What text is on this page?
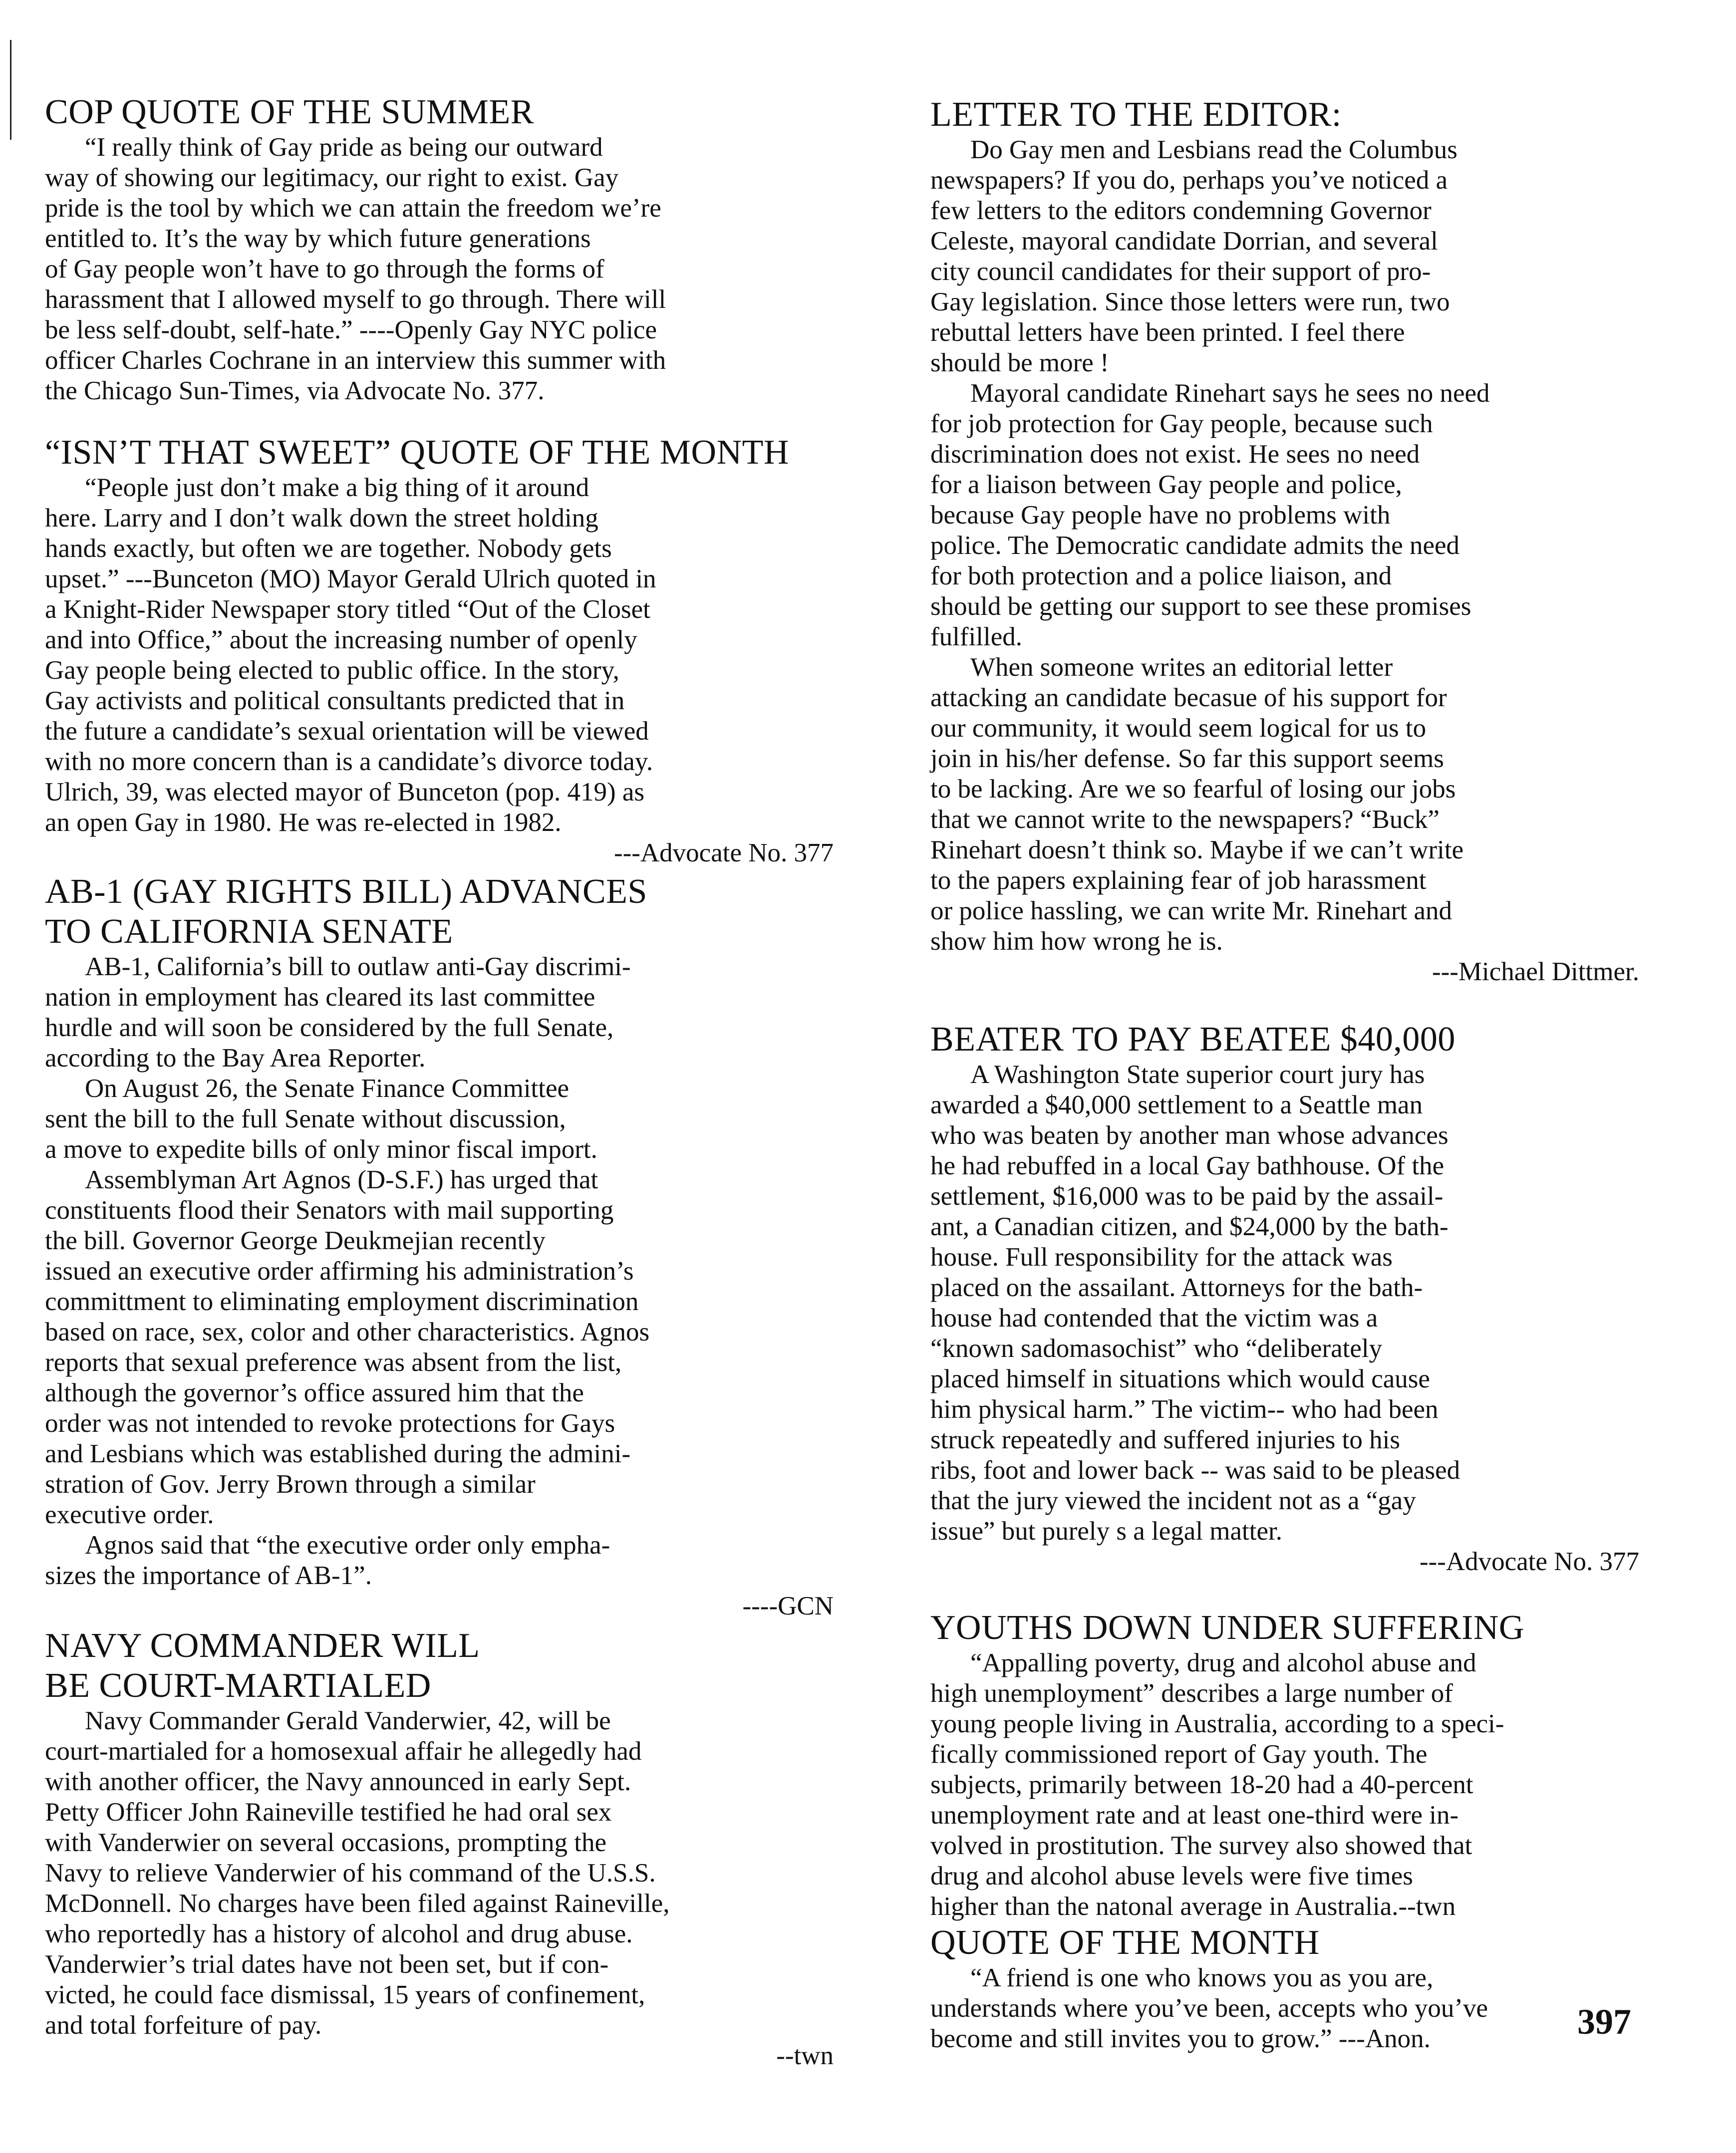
COP QUOTE OF THE SUMMER
“I really think of Gay pride as being our outward
way of showing our legitimacy, our right to exist. Gay
pride is the tool by which we can attain the freedom we’re
entitled to. It’s the way by which future generations
of Gay people won’t have to go through the forms of
harassment that I allowed myself to go through. There will
be less self-doubt, self-hate.” ----Openly Gay NYC police
officer Charles Cochrane in an interview this summer with
the Chicago Sun-Times, via Advocate No. 377.
“ISN’T THAT SWEET” QUOTE OF THE MONTH
“People just don’t make a big thing of it around
here. Larry and I don’t walk down the street holding
hands exactly, but often we are together. Nobody gets
upset.” ---Bunceton (MO) Mayor Gerald Ulrich quoted in
a Knight-Rider Newspaper story titled “Out of the Closet
and into Office,” about the increasing number of openly
Gay people being elected to public office. In the story,
Gay activists and political consultants predicted that in
the future a candidate’s sexual orientation will be viewed
with no more concern than is a candidate’s divorce today.
Ulrich, 39, was elected mayor of Bunceton (pop. 419) as
an open Gay in 1980. He was re-elected in 1982.
---Advocate No. 377
AB-1 (GAY RIGHTS BILL) ADVANCES
TO CALIFORNIA SENATE
AB-1, California’s bill to outlaw anti-Gay discrimi-
nation in employment has cleared its last committee
hurdle and will soon be considered by the full Senate,
according to the Bay Area Reporter.
On August 26, the Senate Finance Committee
sent the bill to the full Senate without discussion,
a move to expedite bills of only minor fiscal import.
Assemblyman Art Agnos (D-S.F.) has urged that
constituents flood their Senators with mail supporting
the bill. Governor George Deukmejian recently
issued an executive order affirming his administration’s
committment to eliminating employment discrimination
based on race, sex, color and other characteristics. Agnos
reports that sexual preference was absent from the list,
although the governor’s office assured him that the
order was not intended to revoke protections for Gays
and Lesbians which was established during the admini-
stration of Gov. Jerry Brown through a similar
executive order.
Agnos said that “the executive order only empha-
sizes the importance of AB-1”.
----GCN
NAVY COMMANDER WILL
BE COURT-MARTIALED
Navy Commander Gerald Vanderwier, 42, will be
court-martialed for a homosexual affair he allegedly had
with another officer, the Navy announced in early Sept.
Petty Officer John Raineville testified he had oral sex
with Vanderwier on several occasions, prompting the
Navy to relieve Vanderwier of his command of the U.S.S.
McDonnell. No charges have been filed against Raineville,
who reportedly has a history of alcohol and drug abuse.
Vanderwier’s trial dates have not been set, but if con-
victed, he could face dismissal, 15 years of confinement,
and total forfeiture of pay.
--twn
LETTER TO THE EDITOR:
Do Gay men and Lesbians read the Columbus
newspapers? If you do, perhaps you’ve noticed a
few letters to the editors condemning Governor
Celeste, mayoral candidate Dorrian, and several
city council candidates for their support of pro-
Gay legislation. Since those letters were run, two
rebuttal letters have been printed. I feel there
should be more !
Mayoral candidate Rinehart says he sees no need
for job protection for Gay people, because such
discrimination does not exist. He sees no need
for a liaison between Gay people and police,
because Gay people have no problems with
police. The Democratic candidate admits the need
for both protection and a police liaison, and
should be getting our support to see these promises
fulfilled.
When someone writes an editorial letter
attacking an candidate becasue of his support for
our community, it would seem logical for us to
join in his/her defense. So far this support seems
to be lacking. Are we so fearful of losing our jobs
that we cannot write to the newspapers? “Buck”
Rinehart doesn’t think so. Maybe if we can’t write
to the papers explaining fear of job harassment
or police hassling, we can write Mr. Rinehart and
show him how wrong he is.
---Michael Dittmer.
BEATER TO PAY BEATEE $40,000
A Washington State superior court jury has
awarded a $40,000 settlement to a Seattle man
who was beaten by another man whose advances
he had rebuffed in a local Gay bathhouse. Of the
settlement, $16,000 was to be paid by the assail-
ant, a Canadian citizen, and $24,000 by the bath-
house. Full responsibility for the attack was
placed on the assailant. Attorneys for the bath-
house had contended that the victim was a
“known sadomasochist” who “deliberately
placed himself in situations which would cause
him physical harm.” The victim-- who had been
struck repeatedly and suffered injuries to his
ribs, foot and lower back -- was said to be pleased
that the jury viewed the incident not as a “gay
issue” but purely s a legal matter.
---Advocate No. 377
YOUTHS DOWN UNDER SUFFERING
“Appalling poverty, drug and alcohol abuse and
high unemployment” describes a large number of
young people living in Australia, according to a speci-
fically commissioned report of Gay youth. The
subjects, primarily between 18-20 had a 40-percent
unemployment rate and at least one-third were in-
volved in prostitution. The survey also showed that
drug and alcohol abuse levels were five times
higher than the natonal average in Australia.--twn
QUOTE OF THE MONTH
“A friend is one who knows you as you are,
understands where you’ve been, accepts who you’ve
become and still invites you to grow.” ---Anon.	397
